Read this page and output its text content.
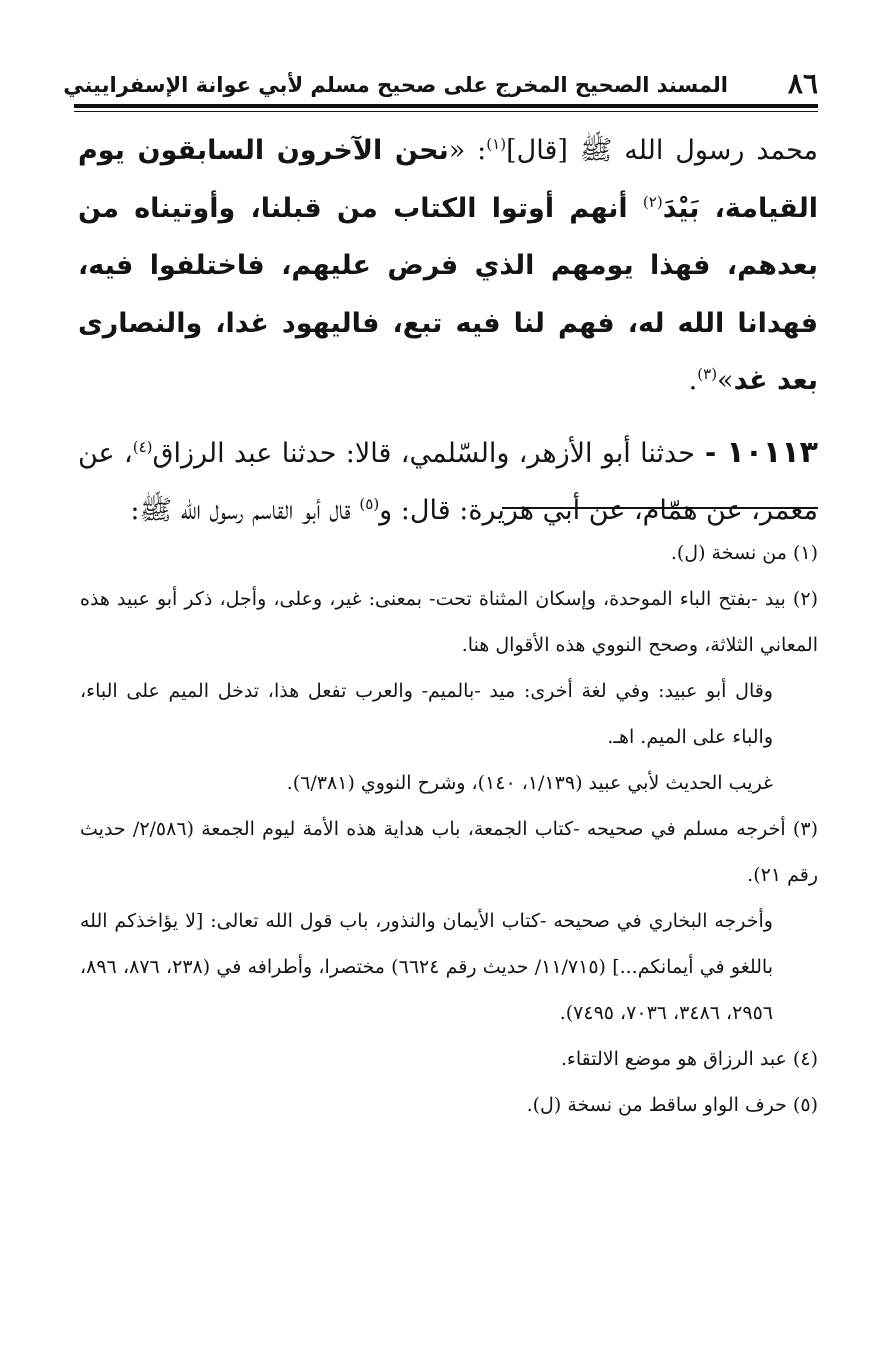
٨٦
المسند الصحيح المخرج على صحيح مسلم لأبي عوانة الإسفراييني

محمد رسول الله ﷺ [قال]$^{(١)}$: «نحن الآخرون السابقون يوم القيامة، بَيْدَ$^{(٢)}$ أنهم أوتوا الكتاب من قبلنا، وأوتيناه من بعدهم، فهذا يومهم الذي فرض عليهم، فاختلفوا فيه، فهدانا الله له، فهم لنا فيه تبع، فاليهود غدا، والنصارى بعد غد»$^{(٣)}$.

١٠١١٣ - حدثنا أبو الأزهر، والسّلمي، قالا: حدثنا عبد الرزاق$^{(٤)}$، عن معمر، عن همّام، عن أبي هريرة: قال: و$^{(٥)}$ قال أبو القاسم رسول الله ﷺ:

(١) من نسخة (ل).

(٢) بيد -بفتح الباء الموحدة، وإسكان المثناة تحت- بمعنى: غير، وعلى، وأجل، ذكر أبو عبيد هذه المعاني الثلاثة، وصحح النووي هذه الأقوال هنا.

وقال أبو عبيد: وفي لغة أخرى: ميد -بالميم- والعرب تفعل هذا، تدخل الميم على الباء، والباء على الميم. اهـ.

غريب الحديث لأبي عبيد (١/١٣٩، ١٤٠)، وشرح النووي (٦/٣٨١).

(٣) أخرجه مسلم في صحيحه -كتاب الجمعة، باب هداية هذه الأمة ليوم الجمعة (٢/٥٨٦/ حديث رقم ٢١).

وأخرجه البخاري في صحيحه -كتاب الأيمان والنذور، باب قول الله تعالى: [لا يؤاخذكم الله باللغو في أيمانكم...] (١١/٧١٥/ حديث رقم ٦٦٢٤) مختصرا، وأطرافه في (٢٣٨، ٨٧٦، ٨٩٦، ٢٩٥٦، ٣٤٨٦، ٧٠٣٦، ٧٤٩٥).

(٤) عبد الرزاق هو موضع الالتقاء.

(٥) حرف الواو ساقط من نسخة (ل).
